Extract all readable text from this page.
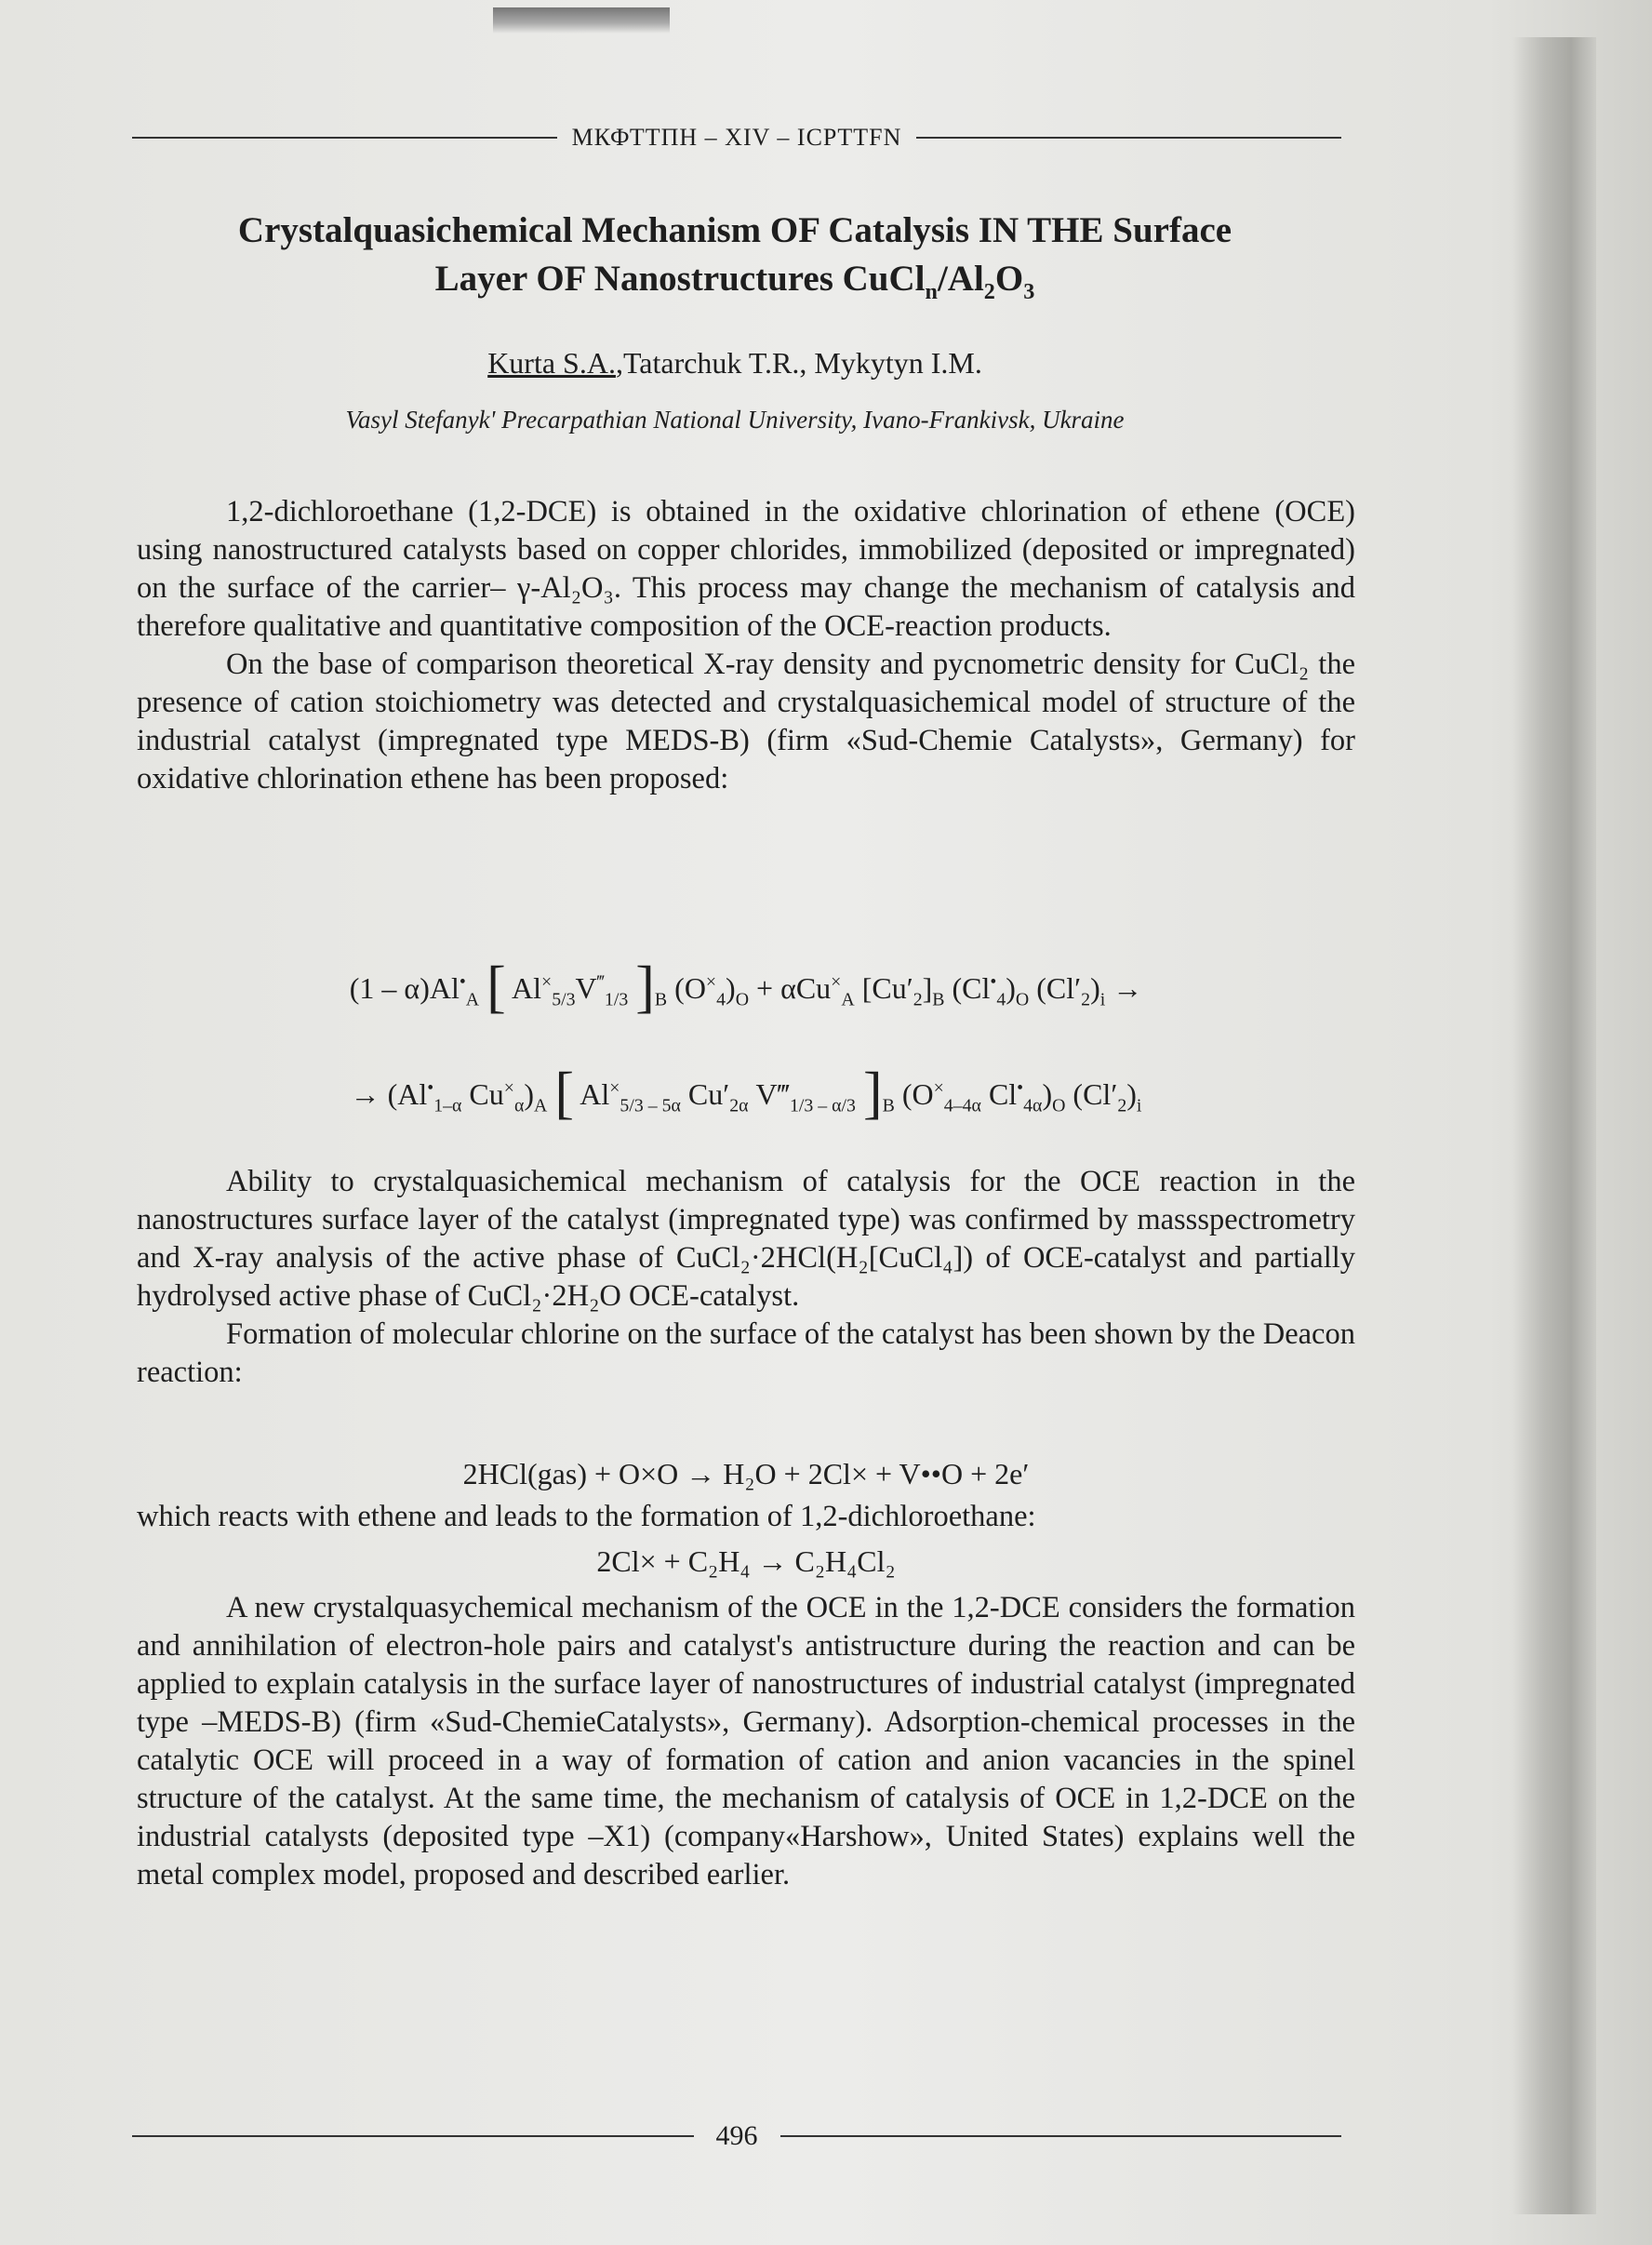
МКФТТПН – XIV – ICPTTFN
Crystalquasichemical Mechanism OF Catalysis IN THE Surface
Layer OF Nanostructures $CuCl_n/Al_2O_3$
Kurta S.A.,Tatarchuk T.R., Mykytyn I.M.
Vasyl Stefanyk' Precarpathian National University, Ivano-Frankivsk, Ukraine

1,2-dichloroethane (1,2-DCE) is obtained in the oxidative chlorination of ethene (OCE) using nanostructured catalysts based on copper chlorides, immobilized (deposited or impregnated) on the surface of the carrier– γ-Al₂O₃. This process may change the mechanism of catalysis and therefore qualitative and quantitative composition of the OCE-reaction products.

On the base of comparison theoretical X-ray density and pycnometric density for CuCl₂ the presence of cation stoichiometry was detected and crystalquasichemical model of structure of the industrial catalyst (impregnated type MEDS-B) (firm «Sud-Chemie Catalysts», Germany) for oxidative chlorination ethene has been proposed:

$(1 - \alpha)Al^•_A$ [ $Al^\times_{5/3}V^‴_{1/3}$ ]$_B$ $(O^\times_4)_O + \alpha Cu^\times_A$ $[Cu'_2]_B$ $(Cl^•_4)_O$ $(Cl'_2)_i$ →
→ ($Al^•_{1-\alpha}$ $Cu^\times_\alpha)_A$ [ $Al^\times_{5/3 - 5\alpha}$ $Cu'_{2\alpha}$ $V‴_{1/3 - \alpha/3}$ ]$_B$ ($O^\times_{4-4\alpha}$ $Cl^•_{4\alpha})_O$ $(Cl'_2)_i$

Ability to crystalquasichemical mechanism of catalysis for the OCE reaction in the nanostructures surface layer of the catalyst (impregnated type) was confirmed by massspectrometry and X-ray analysis of the active phase of CuCl₂·2HCl(H₂[CuCl₄]) of OCE-catalyst and partially hydrolysed active phase of CuCl₂·2H₂O OCE-catalyst.

Formation of molecular chlorine on the surface of the catalyst has been shown by the Deacon reaction:

2HCl(gas) + O×O → H₂O + 2Cl× + V••O + 2e′

which reacts with ethene and leads to the formation of 1,2-dichloroethane:

2Cl× + C₂H₄ → C₂H₄Cl₂

A new crystalquasychemical mechanism of the OCE in the 1,2-DCE considers the formation and annihilation of electron-hole pairs and catalyst's antistructure during the reaction and can be applied to explain catalysis in the surface layer of nanostructures of industrial catalyst (impregnated type –MEDS-B) (firm «Sud-ChemieCatalysts», Germany). Adsorption-chemical processes in the catalytic OCE will proceed in a way of formation of cation and anion vacancies in the spinel structure of the catalyst. At the same time, the mechanism of catalysis of OCE in 1,2-DCE on the industrial catalysts (deposited type –X1) (company«Harshow», United States) explains well the metal complex model, proposed and described earlier.

496
